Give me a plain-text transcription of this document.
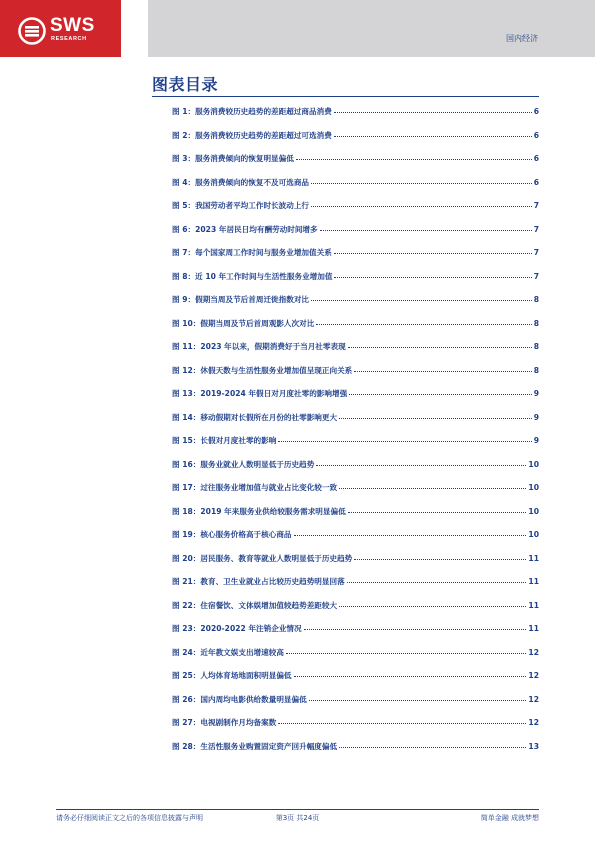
SWS
RESEARCH	国内经济
图表目录
图 1：服务消费较历史趋势的差距超过商品消费	6
图 2：服务消费较历史趋势的差距超过可选消费	6
图 3：服务消费倾向的恢复明显偏低	6
图 4：服务消费倾向的恢复不及可选商品	6
图 5：我国劳动者平均工作时长波动上行	7
图 6：2023 年居民日均有酬劳动时间增多	7
图 7：每个国家周工作时间与服务业增加值关系	7
图 8：近 10 年工作时间与生活性服务业增加值	7
图 9：假期当周及节后首周迁徙指数对比	8
图 10：假期当周及节后首周观影人次对比	8
图 11：2023 年以来，假期消费好于当月社零表现	8
图 12：休假天数与生活性服务业增加值呈现正向关系	8
图 13：2019-2024 年假日对月度社零的影响增强	9
图 14：移动假期对长假所在月份的社零影响更大	9
图 15：长假对月度社零的影响	9
图 16：服务业就业人数明显低于历史趋势	10
图 17：过往服务业增加值与就业占比变化较一致	10
图 18：2019 年来服务业供给较服务需求明显偏低	10
图 19：核心服务价格高于核心商品	10
图 20：居民服务、教育等就业人数明显低于历史趋势	11
图 21：教育、卫生业就业占比较历史趋势明显回落	11
图 22：住宿餐饮、文体娱增加值较趋势差距较大	11
图 23：2020-2022 年注销企业情况	11
图 24：近年教文娱支出增速较高	12
图 25：人均体育场地面积明显偏低	12
图 26：国内周均电影供给数量明显偏低	12
图 27：电视剧制作月均备案数	12
图 28：生活性服务业购置固定资产回升幅度偏低	13
请务必仔细阅读正文之后的各项信息披露与声明	第3页 共24页	简单金融 成就梦想
